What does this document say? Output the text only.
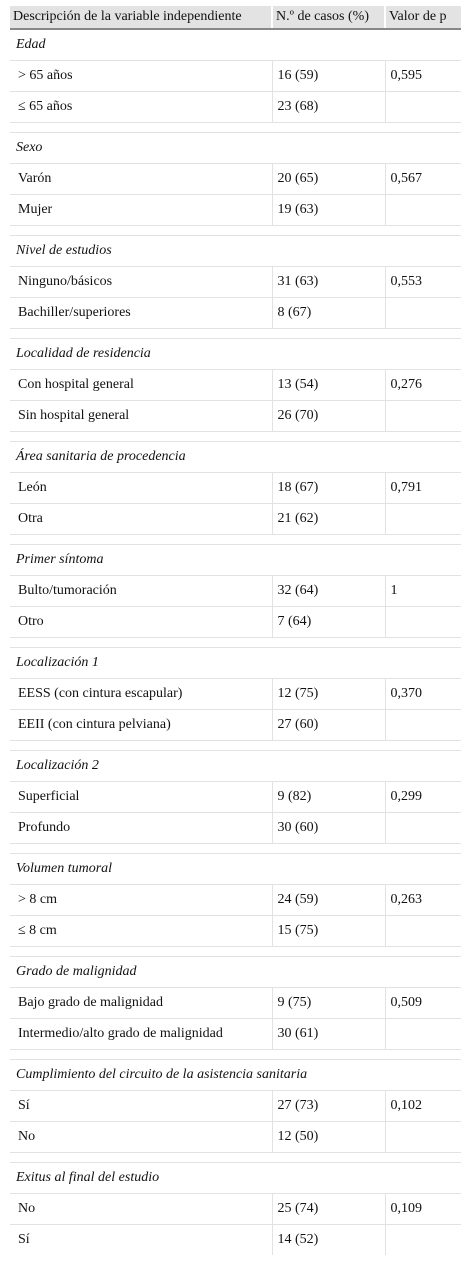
Descripción de la variable independiente	N.º de casos (%)	Valor de p
Edad		
> 65 años	16 (59)	0,595
≤ 65 años	23 (68)	

Sexo		
Varón	20 (65)	0,567
Mujer	19 (63)	

Nivel de estudios		
Ninguno/básicos	31 (63)	0,553
Bachiller/superiores	8 (67)	

Localidad de residencia		
Con hospital general	13 (54)	0,276
Sin hospital general	26 (70)	

Área sanitaria de procedencia		
León	18 (67)	0,791
Otra	21 (62)	

Primer síntoma		
Bulto/tumoración	32 (64)	1
Otro	7 (64)	

Localización 1		
EESS (con cintura escapular)	12 (75)	0,370
EEII (con cintura pelviana)	27 (60)	

Localización 2		
Superficial	9 (82)	0,299
Profundo	30 (60)	

Volumen tumoral		
> 8 cm	24 (59)	0,263
≤ 8 cm	15 (75)	

Grado de malignidad		
Bajo grado de malignidad	9 (75)	0,509
Intermedio/alto grado de malignidad	30 (61)	

Cumplimiento del circuito de la asistencia sanitaria		
Sí	27 (73)	0,102
No	12 (50)	

Exitus al final del estudio		
No	25 (74)	0,109
Sí	14 (52)	
